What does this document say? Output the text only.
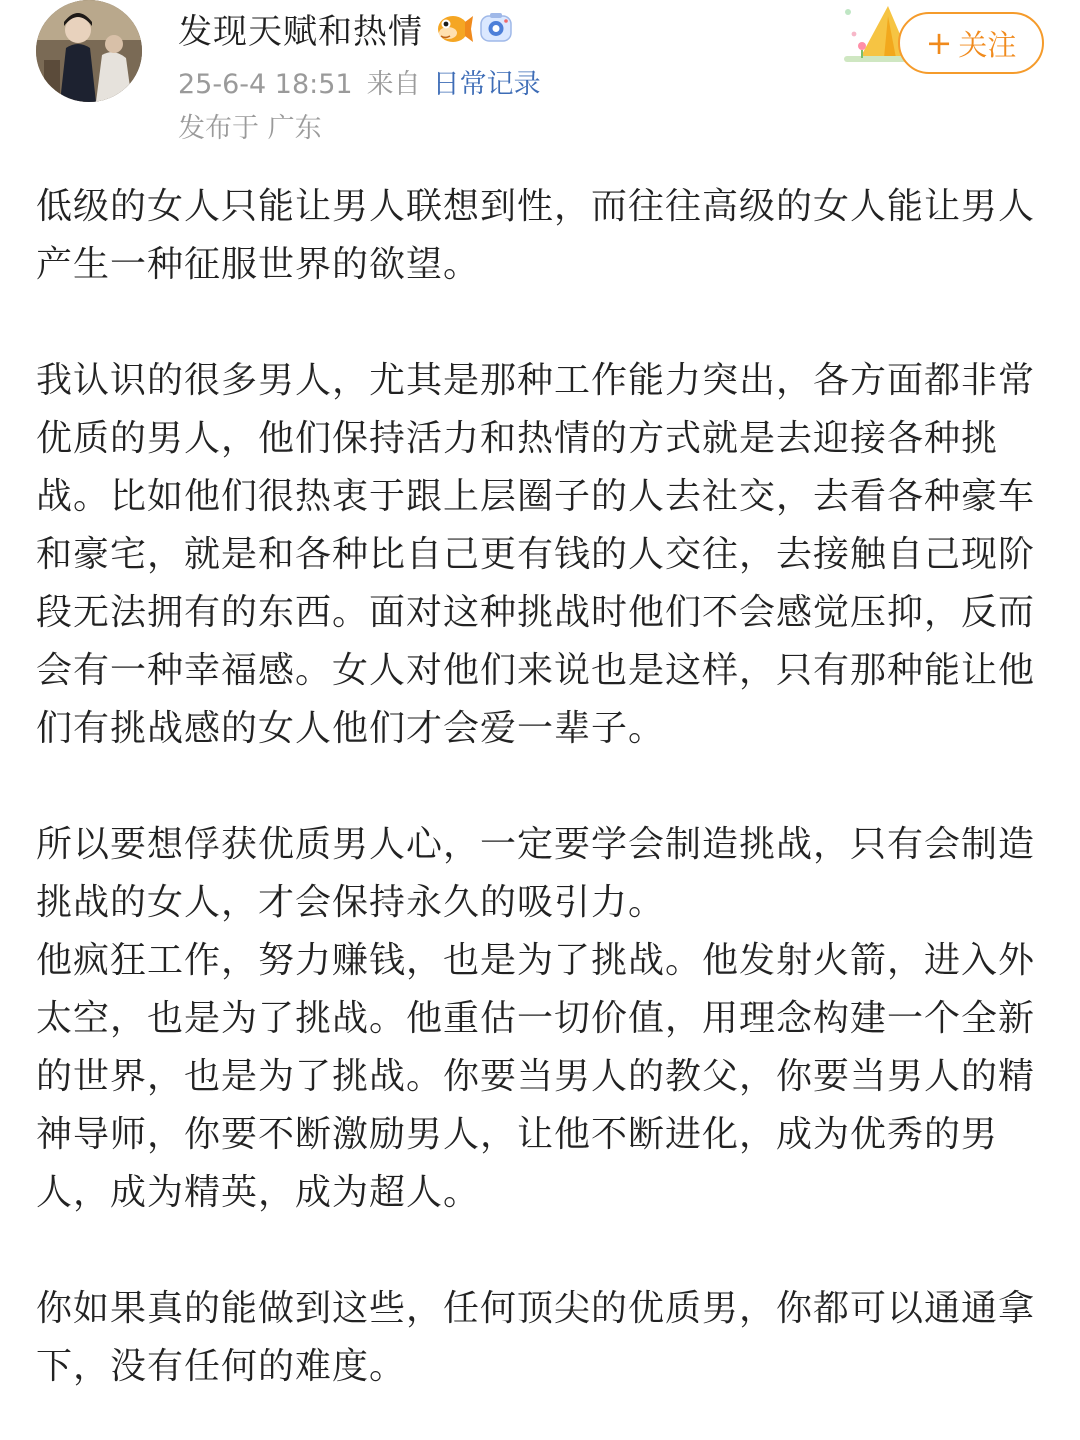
发现天赋和热情
25-6-4 18:51 来自 日常记录
发布于 广东
+ 关注

低级的女人只能让男人联想到性，而往往高级的女人能让男人产生一种征服世界的欲望。

我认识的很多男人，尤其是那种工作能力突出，各方面都非常优质的男人，他们保持活力和热情的方式就是去迎接各种挑战。比如他们很热衷于跟上层圈子的人去社交，去看各种豪车和豪宅，就是和各种比自己更有钱的人交往，去接触自己现阶段无法拥有的东西。面对这种挑战时他们不会感觉压抑，反而会有一种幸福感。女人对他们来说也是这样，只有那种能让他们有挑战感的女人他们才会爱一辈子。

所以要想俘获优质男人心，一定要学会制造挑战，只有会制造挑战的女人，才会保持永久的吸引力。

他疯狂工作，努力赚钱，也是为了挑战。他发射火箭，进入外太空，也是为了挑战。他重估一切价值，用理念构建一个全新的世界，也是为了挑战。你要当男人的教父，你要当男人的精神导师，你要不断激励男人，让他不断进化，成为优秀的男人，成为精英，成为超人。

你如果真的能做到这些，任何顶尖的优质男，你都可以通通拿下，没有任何的难度。
